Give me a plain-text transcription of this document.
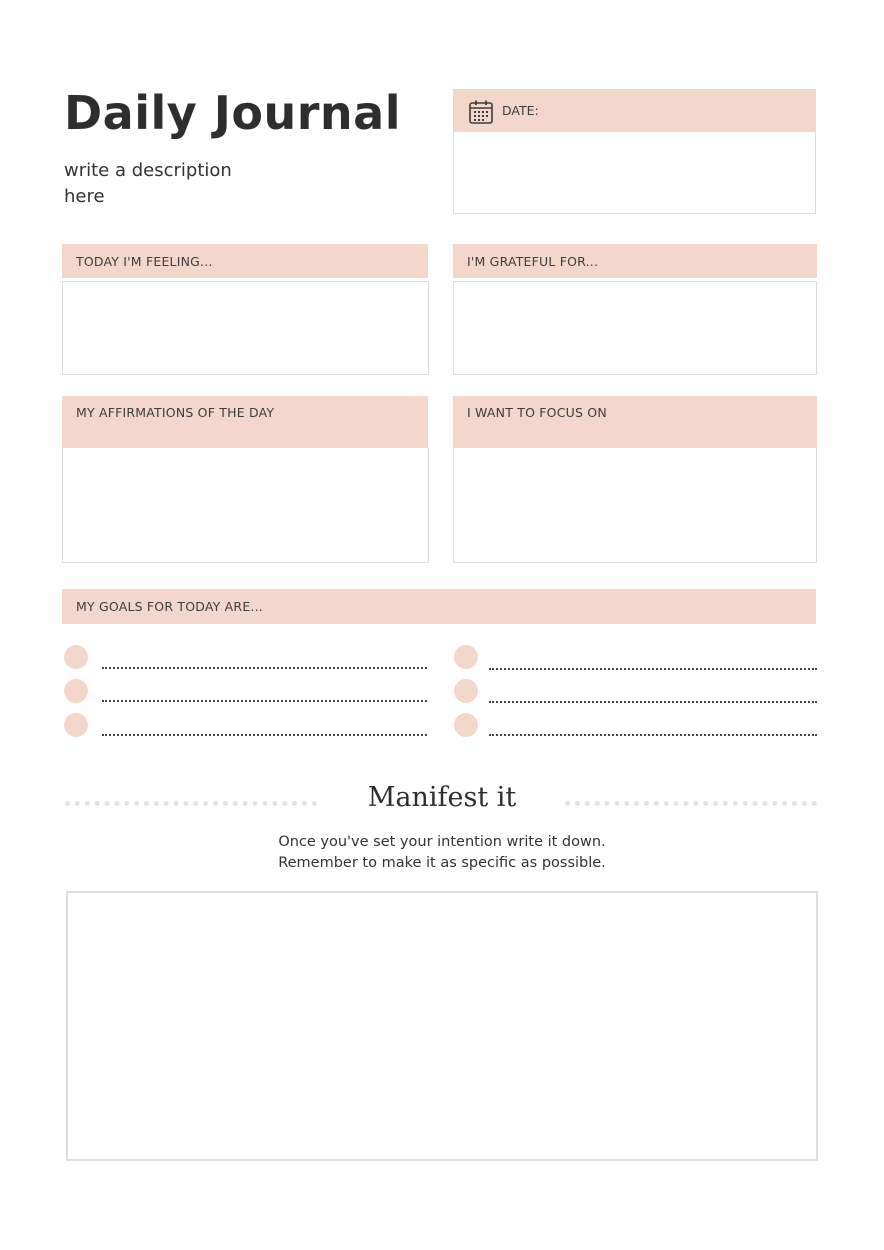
Daily Journal
write a description here
DATE:
TODAY I'M FEELING...	I'M GRATEFUL FOR...
MY AFFIRMATIONS OF THE DAY	I WANT TO FOCUS ON
MY GOALS FOR TODAY ARE...
Manifest it
Once you've set your intention write it down.
Remember to make it as specific as possible.
